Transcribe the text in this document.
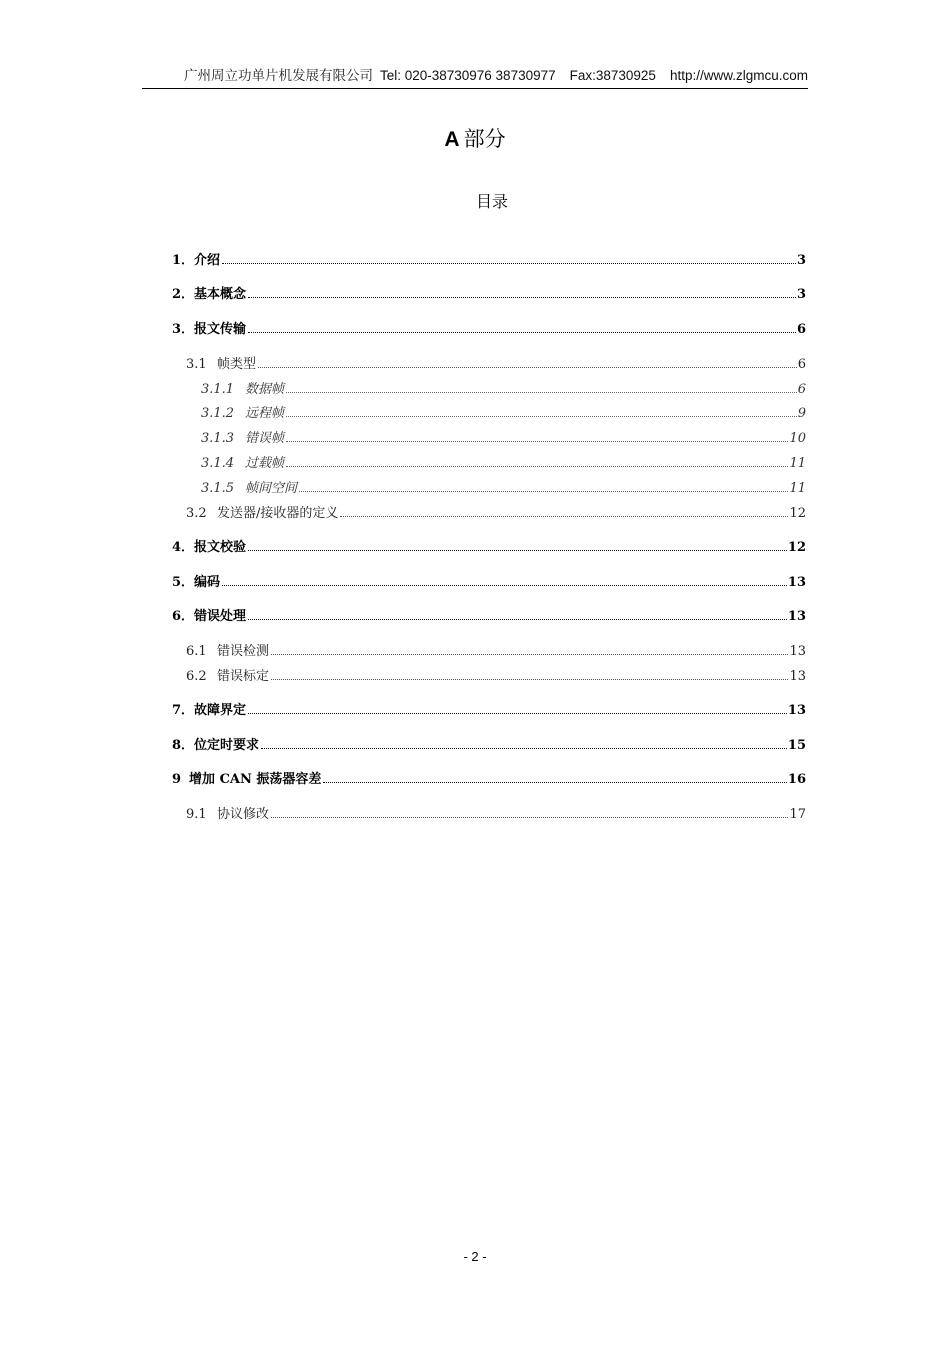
广州周立功单片机发展有限公司 Tel: 020-38730976 38730977 Fax:38730925 http://www.zlgmcu.com
A 部分
目录
1． 介绍	3
2． 基本概念	3
3． 报文传输	6
3.1 帧类型	6
3.1.1 数据帧	6
3.1.2 远程帧	9
3.1.3 错误帧	10
3.1.4 过载帧	11
3.1.5 帧间空间	11
3.2 发送器/接收器的定义	12
4． 报文校验	12
5． 编码	13
6． 错误处理	13
6.1 错误检测	13
6.2 错误标定	13
7． 故障界定	13
8． 位定时要求	15
9 增加 CAN 振荡器容差	16
9.1 协议修改	17
- 2 -
